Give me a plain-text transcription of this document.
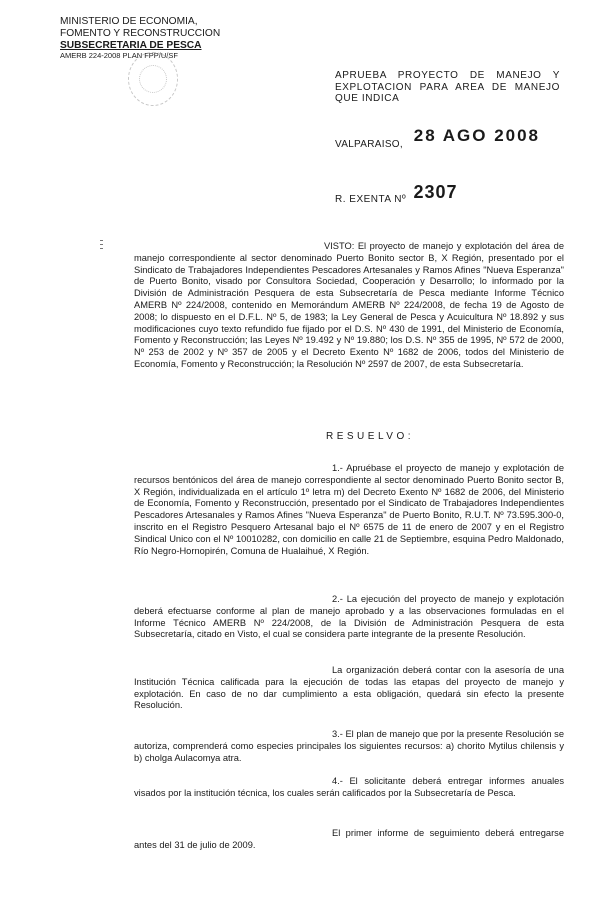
MINISTERIO DE ECONOMIA,
FOMENTO Y RECONSTRUCCION
SUBSECRETARIA DE PESCA
AMERB 224-2008 PLAN FPP/U/SF
APRUEBA PROYECTO DE MANEJO Y EXPLOTACION PARA AREA DE MANEJO QUE INDICA
VALPARAISO, 28 AGO 2008
R. EXENTA Nº 2307
VISTO: El proyecto de manejo y explotación del área de manejo correspondiente al sector denominado Puerto Bonito sector B, X Región, presentado por el Sindicato de Trabajadores Independientes Pescadores Artesanales y Ramos Afines "Nueva Esperanza" de Puerto Bonito, visado por Consultora Sociedad, Cooperación y Desarrollo; lo informado por la División de Administración Pesquera de esta Subsecretaría de Pesca mediante Informe Técnico AMERB Nº 224/2008, contenido en Memorándum AMERB Nº 224/2008, de fecha 19 de Agosto de 2008; lo dispuesto en el D.F.L. Nº 5, de 1983; la Ley General de Pesca y Acuicultura Nº 18.892 y sus modificaciones cuyo texto refundido fue fijado por el D.S. Nº 430 de 1991, del Ministerio de Economía, Fomento y Reconstrucción; las Leyes Nº 19.492 y Nº 19.880; los D.S. Nº 355 de 1995, Nº 572 de 2000, Nº 253 de 2002 y Nº 357 de 2005 y el Decreto Exento Nº 1682 de 2006, todos del Ministerio de Economía, Fomento y Reconstrucción; la Resolución Nº 2597 de 2007, de esta Subsecretaría.
RESUELVO:
1.- Apruébase el proyecto de manejo y explotación de recursos bentónicos del área de manejo correspondiente al sector denominado Puerto Bonito sector B, X Región, individualizada en el artículo 1º letra m) del Decreto Exento Nº 1682 de 2006, del Ministerio de Economía, Fomento y Reconstrucción, presentado por el Sindicato de Trabajadores Independientes Pescadores Artesanales y Ramos Afines "Nueva Esperanza" de Puerto Bonito, R.U.T. Nº 73.595.300-0, inscrito en el Registro Pesquero Artesanal bajo el Nº 6575 de 11 de enero de 2007 y en el Registro Sindical Unico con el Nº 10010282, con domicilio en calle 21 de Septiembre, esquina Pedro Maldonado, Río Negro-Hornopirén, Comuna de Hualaihué, X Región.
2.- La ejecución del proyecto de manejo y explotación deberá efectuarse conforme al plan de manejo aprobado y a las observaciones formuladas en el Informe Técnico AMERB Nº 224/2008, de la División de Administración Pesquera de esta Subsecretaría, citado en Visto, el cual se considera parte integrante de la presente Resolución.
La organización deberá contar con la asesoría de una Institución Técnica calificada para la ejecución de todas las etapas del proyecto de manejo y explotación. En caso de no dar cumplimiento a esta obligación, quedará sin efecto la presente Resolución.
3.- El plan de manejo que por la presente Resolución se autoriza, comprenderá como especies principales los siguientes recursos: a) chorito Mytilus chilensis y b) cholga Aulacomya atra.
4.- El solicitante deberá entregar informes anuales visados por la institución técnica, los cuales serán calificados por la Subsecretaría de Pesca.
El primer informe de seguimiento deberá entregarse antes del 31 de julio de 2009.
